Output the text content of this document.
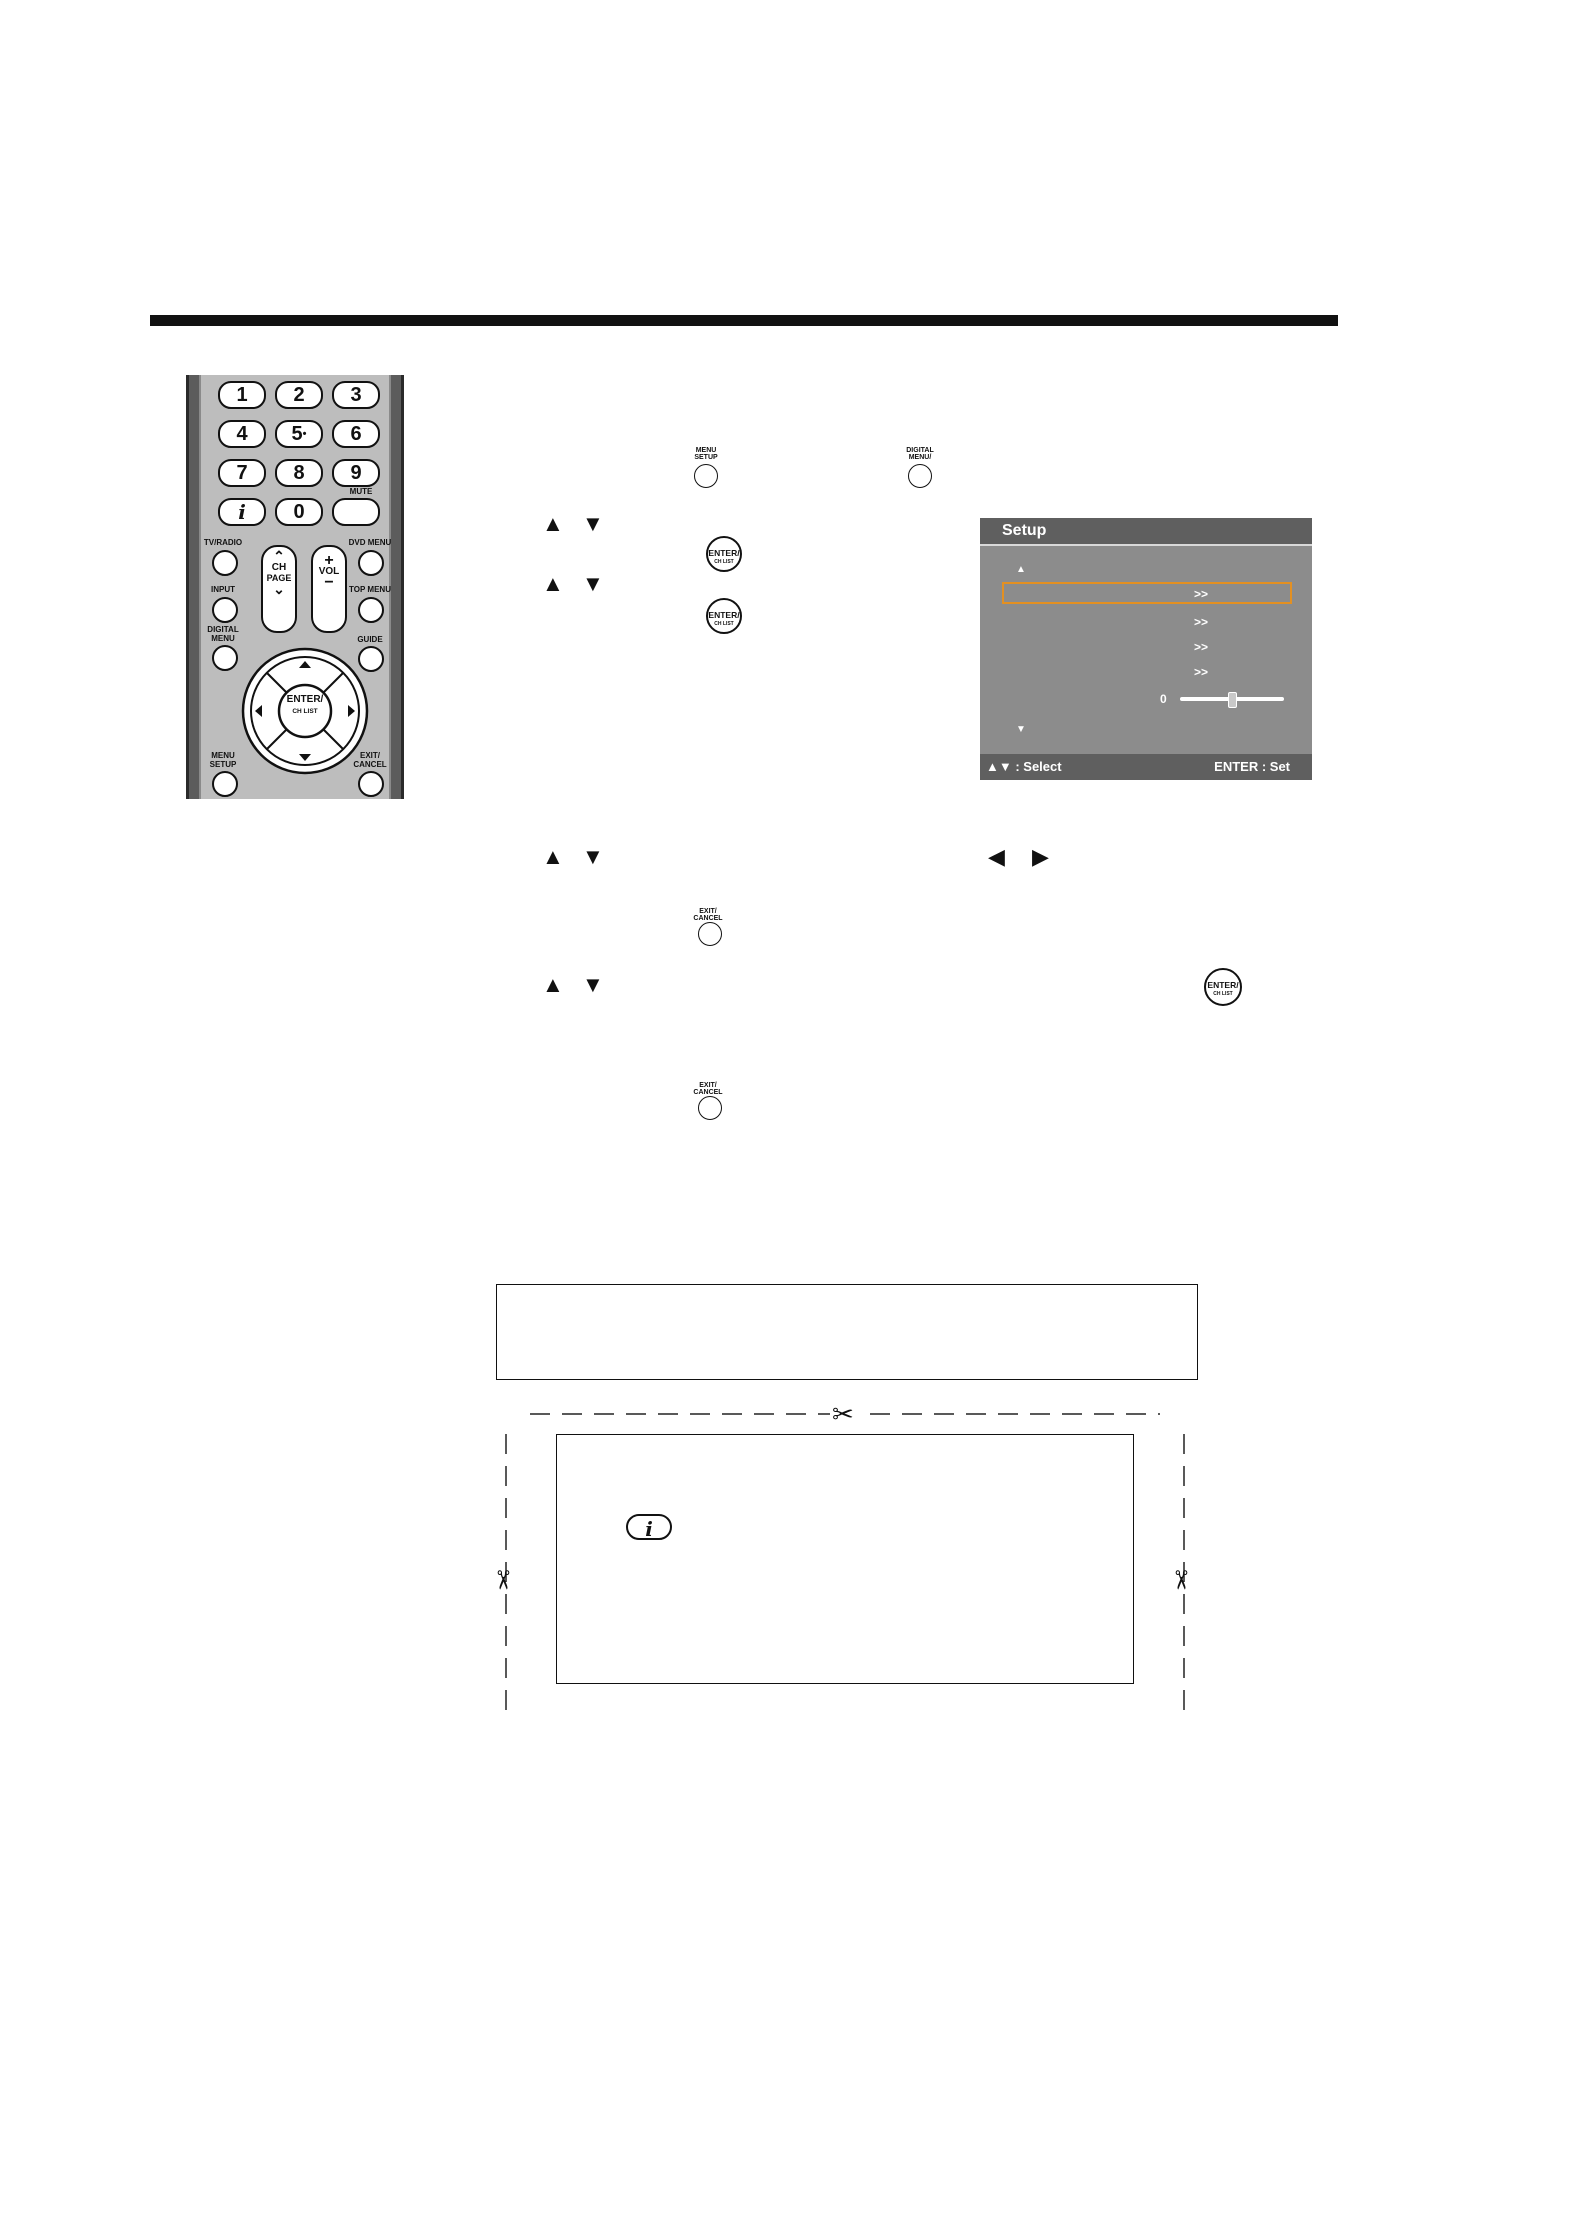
1	2	3
4	5•	6
7	8	9
i	0
MUTE
TV/RADIO	DVD MENU
INPUT	TOP MENU
⌃
CH
PAGE
⌄
+
VOL
−
DIGITAL
MENU	GUIDE
ENTER/
CH LIST
MENU
SETUP
EXIT/
CANCEL
MENU
SETUP
DIGITAL
MENU/
▲ ▼
ENTER/
CH LIST
▲ ▼
ENTER/
CH LIST
Setup
▲
>>
>>
>>
>>
0
▼
▲▼ : Select	ENTER : Set
▲ ▼	◀ ▶
EXIT/
CANCEL
▲ ▼	ENTER/
CH LIST
EXIT/
CANCEL
✂
✂	✂
i
